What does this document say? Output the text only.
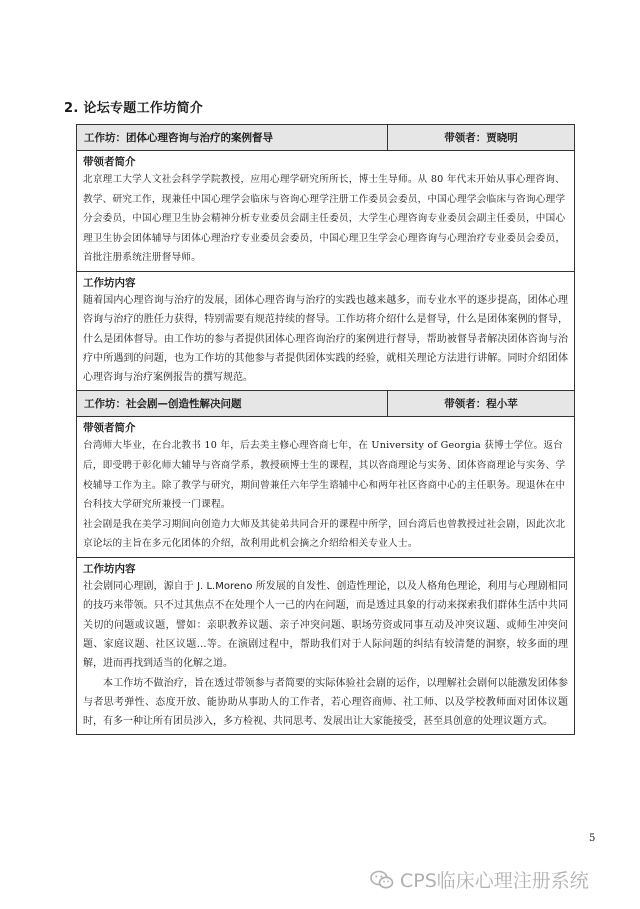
2. 论坛专题工作坊简介
工作坊：团体心理咨询与治疗的案例督导	带领者：贾晓明
带领者简介

北京理工大学人文社会科学学院教授，应用心理学研究所所长，博士生导师。从 80 年代末开始从事心理咨询、教学、研究工作，现兼任中国心理学会临床与咨询心理学注册工作委员会委员，中国心理学会临床与咨询心理学分会委员，中国心理卫生协会精神分析专业委员会副主任委员，大学生心理咨询专业委员会副主任委员，中国心理卫生协会团体辅导与团体心理治疗专业委员会委员，中国心理卫生学会心理咨询与心理治疗专业委员会委员，首批注册系统注册督导师。

工作坊内容

随着国内心理咨询与治疗的发展，团体心理咨询与治疗的实践也越来越多，而专业水平的逐步提高，团体心理咨询与治疗的胜任力获得，特别需要有规范持续的督导。工作坊将介绍什么是督导，什么是团体案例的督导，什么是团体督导。由工作坊的参与者提供团体心理咨询治疗的案例进行督导，帮助被督导者解决团体咨询与治疗中所遇到的问题，也为工作坊的其他参与者提供团体实践的经验，就相关理论方法进行讲解。同时介绍团体心理咨询与治疗案例报告的撰写规范。

工作坊：社会剧—创造性解决问题	带领者：程小苹
带领者简介

台湾师大毕业，在台北教书 10 年，后去美主修心理咨商七年，在 University of Georgia 获博士学位。返台后，即受聘于彰化师大辅导与咨商学系，教授硕博士生的课程，其以咨商理论与实务、团体咨商理论与实务、学校辅导工作为主。除了教学与研究，期间曾兼任六年学生谘辅中心和两年社区咨商中心的主任职务。现退休在中台科技大学研究所兼授一门课程。

社会剧是我在美学习期间向创造力大师及其徒弟共同合开的课程中所学，回台湾后也曾教授过社会剧，因此次北京论坛的主旨在多元化团体的介绍，故利用此机会摘之介绍给相关专业人士。

工作坊内容

社会剧同心理剧，源自于 J. L.Moreno 所发展的自发性、创造性理论，以及人格角色理论，利用与心理剧相同的技巧来带领。只不过其焦点不在处理个人一己的内在问题，而是透过具象的行动来探索我们群体生活中共同关切的问题或议题，譬如：亲职教养议题、亲子冲突问题、职场劳资或同事互动及冲突议题、或师生冲突问题、家庭议题、社区议题…等。在演剧过程中，帮助我们对于人际问题的纠结有较清楚的洞察，较多面的理解，进而再找到适当的化解之道。

本工作坊不做治疗，旨在透过带领参与者简要的实际体验社会剧的运作，以理解社会剧何以能激发团体参与者思考弹性、态度开放、能协助从事助人的工作者，若心理咨商师、社工师、以及学校教师面对团体议题时，有多一种让所有团员涉入，多方检视、共同思考、发展出让大家能接受，甚至具创意的处理议题方式。

5
CPS临床心理注册系统
